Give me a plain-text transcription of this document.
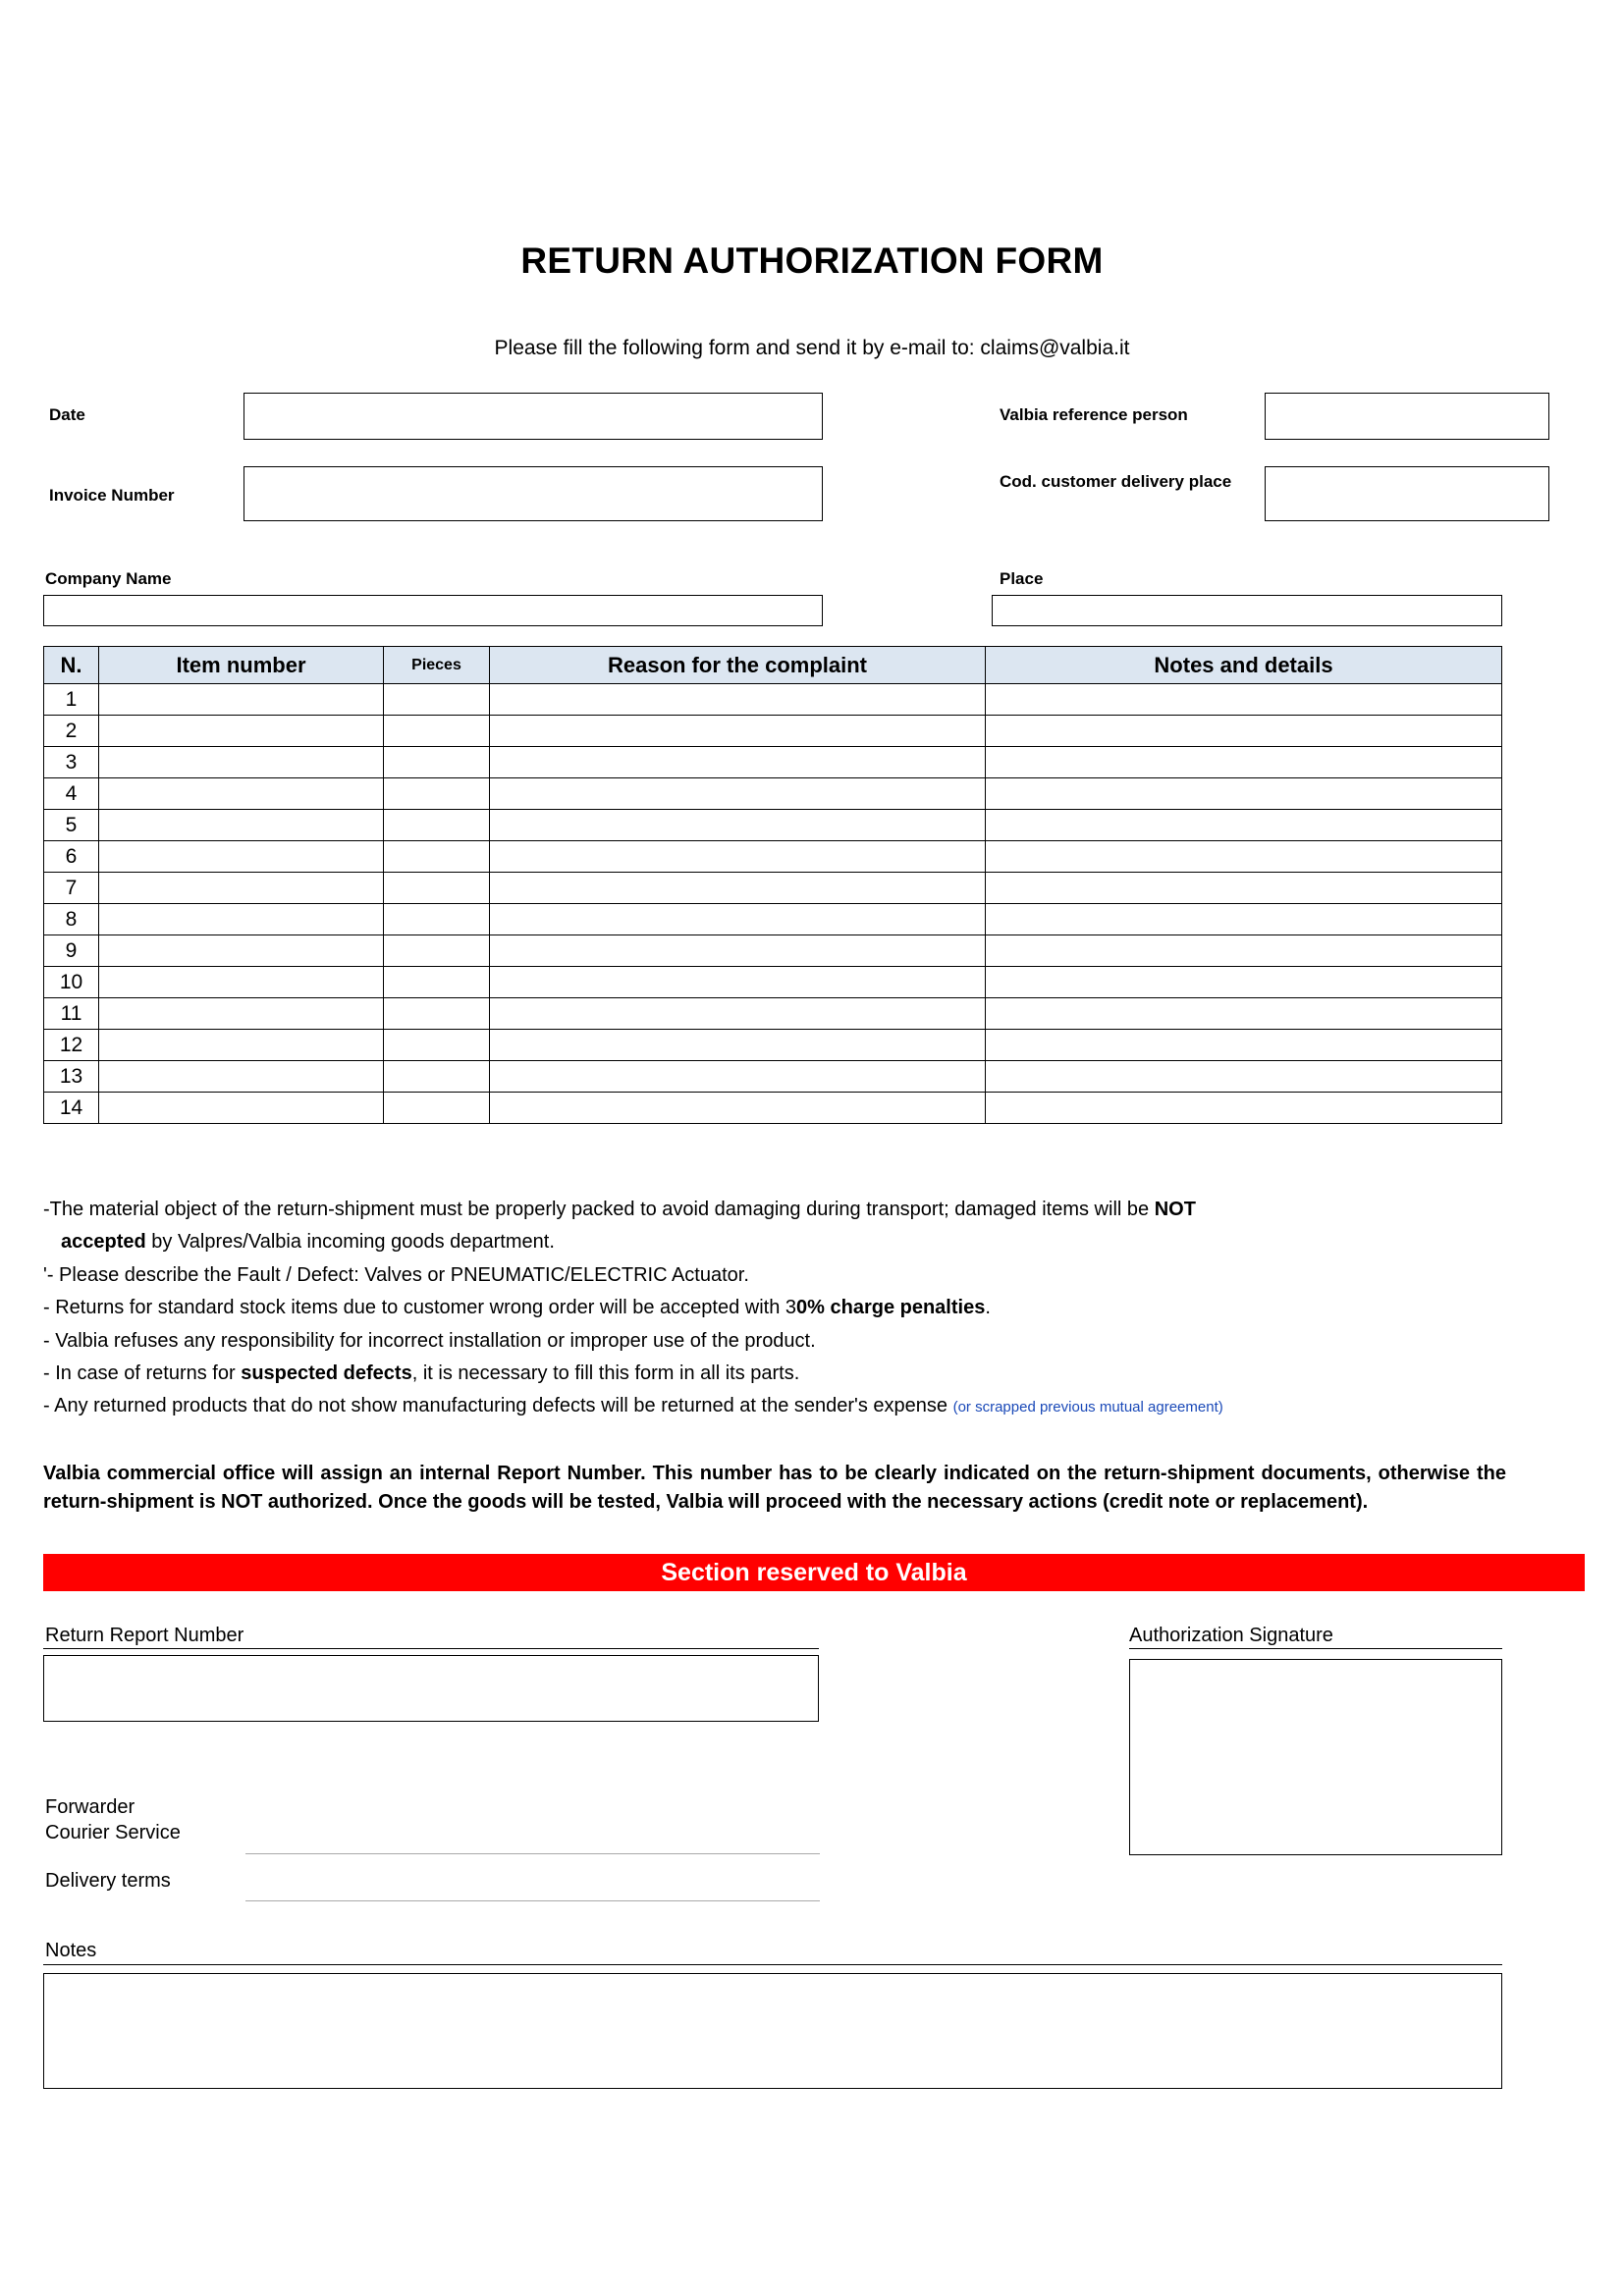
RETURN AUTHORIZATION FORM
Please fill the following form and send it by e-mail to: claims@valbia.it
Date	Valbia reference person
Invoice Number
Cod. customer delivery place
Company Name	Place
N.	Item number	Pieces	Reason for the complaint	Notes and details
1				
2				
3				
4				
5				
6				
7				
8				
9				
10				
11				
12				
13				
14				

-The material object of the return-shipment must be properly packed to avoid damaging during transport; damaged items will be NOT

accepted by Valpres/Valbia incoming goods department.

'- Please describe the Fault / Defect: Valves or PNEUMATIC/ELECTRIC Actuator.

- Returns for standard stock items due to customer wrong order will be accepted with 30% charge penalties.

- Valbia refuses any responsibility for incorrect installation or improper use of the product.

- In case of returns for suspected defects, it is necessary to fill this form in all its parts.

- Any returned products that do not show manufacturing defects will be returned at the sender's expense (or scrapped previous mutual agreement)

Valbia commercial office will assign an internal Report Number. This number has to be clearly indicated on the return-shipment documents, otherwise the return-shipment is NOT authorized. Once the goods will be tested, Valbia will proceed with the necessary actions (credit note or replacement).
Section reserved to Valbia
Return Report Number	Authorization Signature
Forwarder
Courier Service
Delivery terms
Notes
